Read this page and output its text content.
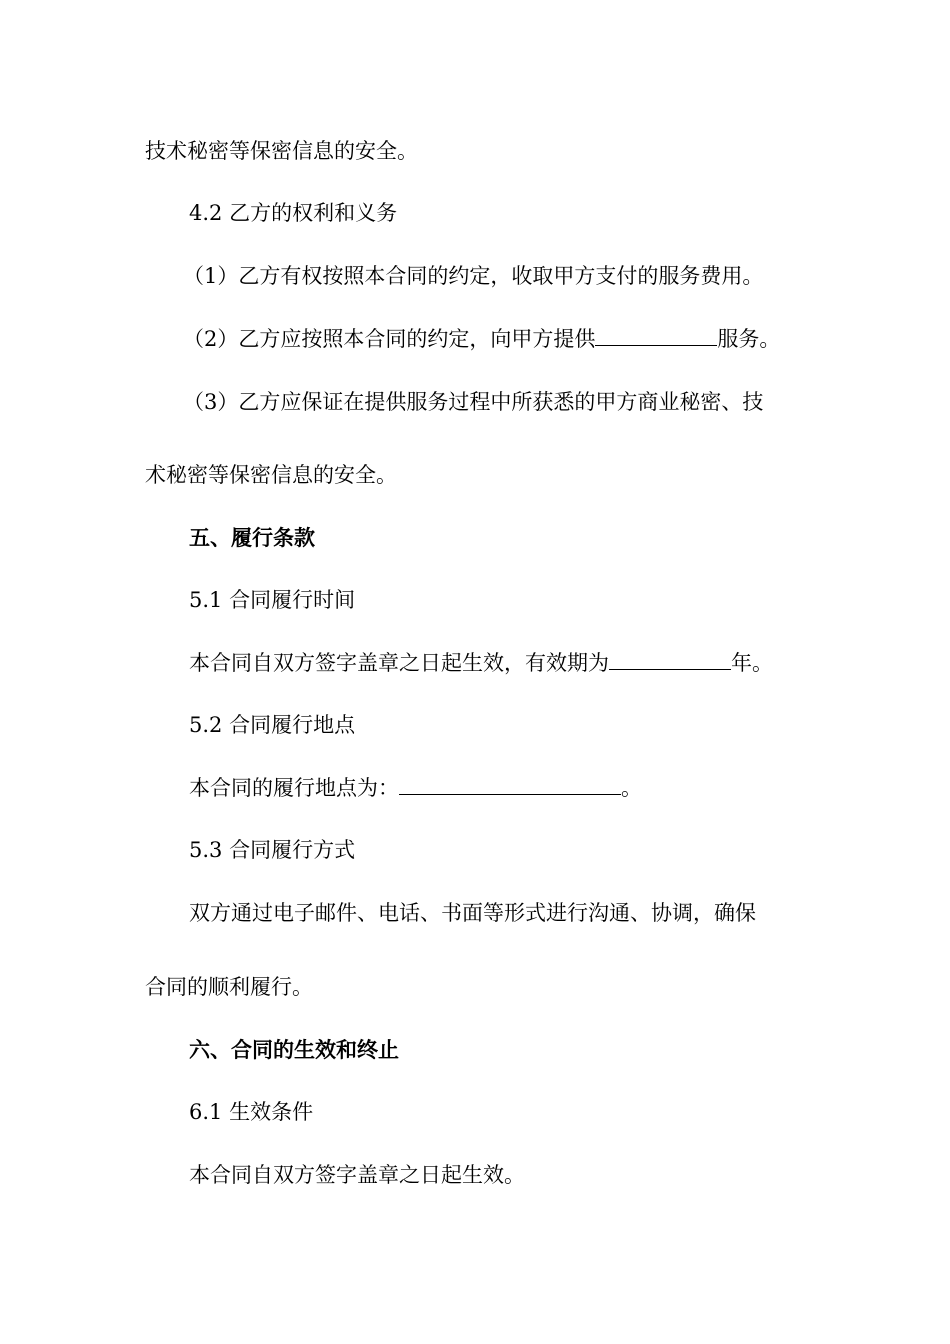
技术秘密等保密信息的安全。
4.2 乙方的权利和义务
（1）乙方有权按照本合同的约定，收取甲方支付的服务费用。
（2）乙方应按照本合同的约定，向甲方提供	服务。
（3）乙方应保证在提供服务过程中所获悉的甲方商业秘密、技
术秘密等保密信息的安全。
五、履行条款
5.1 合同履行时间
本合同自双方签字盖章之日起生效，有效期为	年。
5.2 合同履行地点
本合同的履行地点为：	。
5.3 合同履行方式
双方通过电子邮件、电话、书面等形式进行沟通、协调，确保
合同的顺利履行。
六、合同的生效和终止
6.1 生效条件
本合同自双方签字盖章之日起生效。
